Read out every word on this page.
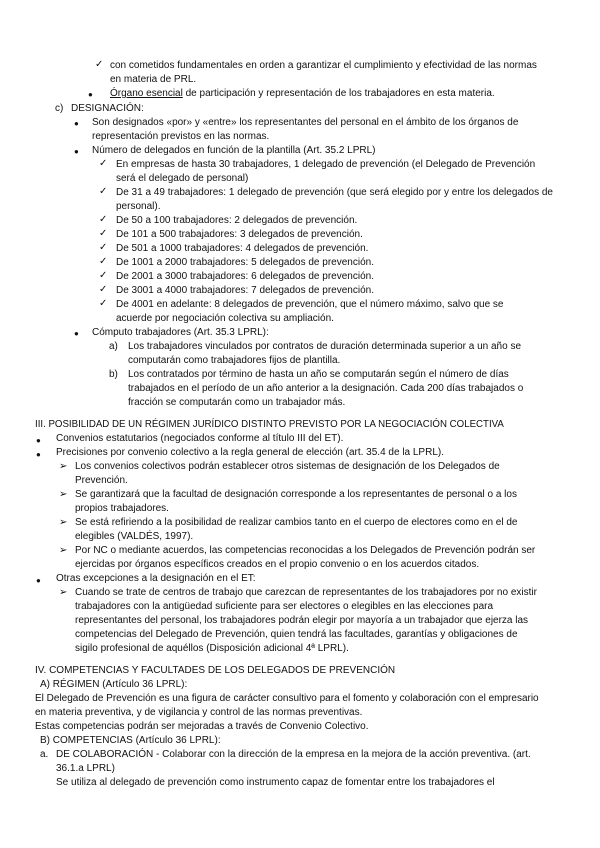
✓ con cometidos fundamentales en orden a garantizar el cumplimiento y efectividad de las normas
en materia de PRL.
● Órgano esencial de participación y representación de los trabajadores en esta materia.
c) DESIGNACIÓN:
● Son designados «por» y «entre» los representantes del personal en el ámbito de los órganos de
representación previstos en las normas.
● Número de delegados en función de la plantilla (Art. 35.2 LPRL)
✓ En empresas de hasta 30 trabajadores, 1 delegado de prevención (el Delegado de Prevención
será el delegado de personal)
✓ De 31 a 49 trabajadores: 1 delegado de prevención (que será elegido por y entre los delegados de
personal).
✓ De 50 a 100 trabajadores: 2 delegados de prevención.
✓ De 101 a 500 trabajadores: 3 delegados de prevención.
✓ De 501 a 1000 trabajadores: 4 delegados de prevención.
✓ De 1001 a 2000 trabajadores: 5 delegados de prevención.
✓ De 2001 a 3000 trabajadores: 6 delegados de prevención.
✓ De 3001 a 4000 trabajadores: 7 delegados de prevención.
✓ De 4001 en adelante: 8 delegados de prevención, que el número máximo, salvo que se
acuerde por negociación colectiva su ampliación.
● Cómputo trabajadores (Art. 35.3 LPRL):
a) Los trabajadores vinculados por contratos de duración determinada superior a un año se
computarán como trabajadores fijos de plantilla.
b) Los contratados por término de hasta un año se computarán según el número de días
trabajados en el período de un año anterior a la designación. Cada 200 días trabajados o
fracción se computarán como un trabajador más.
III. POSIBILIDAD DE UN RÉGIMEN JURÍDICO DISTINTO PREVISTO POR LA NEGOCIACIÓN COLECTIVA
● Convenios estatutarios (negociados conforme al título III del ET).
● Precisiones por convenio colectivo a la regla general de elección (art. 35.4 de la LPRL).
➢ Los convenios colectivos podrán establecer otros sistemas de designación de los Delegados de
Prevención.
➢ Se garantizará que la facultad de designación corresponde a los representantes de personal o a los
propios trabajadores.
➢ Se está refiriendo a la posibilidad de realizar cambios tanto en el cuerpo de electores como en el de
elegibles (VALDÉS, 1997).
➢ Por NC o mediante acuerdos, las competencias reconocidas a los Delegados de Prevención podrán ser
ejercidas por órganos específicos creados en el propio convenio o en los acuerdos citados.
● Otras excepciones a la designación en el ET:
➢ Cuando se trate de centros de trabajo que carezcan de representantes de los trabajadores por no existir
trabajadores con la antigüedad suficiente para ser electores o elegibles en las elecciones para
representantes del personal, los trabajadores podrán elegir por mayoría a un trabajador que ejerza las
competencias del Delegado de Prevención, quien tendrá las facultades, garantías y obligaciones de
sigilo profesional de aquéllos (Disposición adicional 4ª LPRL).
IV. COMPETENCIAS Y FACULTADES DE LOS DELEGADOS DE PREVENCIÓN
A) RÉGIMEN (Artículo 36 LPRL):
El Delegado de Prevención es una figura de carácter consultivo para el fomento y colaboración con el empresario
en materia preventiva, y de vigilancia y control de las normas preventivas.
Estas competencias podrán ser mejoradas a través de Convenio Colectivo.
B) COMPETENCIAS (Artículo 36 LPRL):
a. DE COLABORACIÓN - Colaborar con la dirección de la empresa en la mejora de la acción preventiva. (art.
36.1.a LPRL)
Se utiliza al delegado de prevención como instrumento capaz de fomentar entre los trabajadores el
